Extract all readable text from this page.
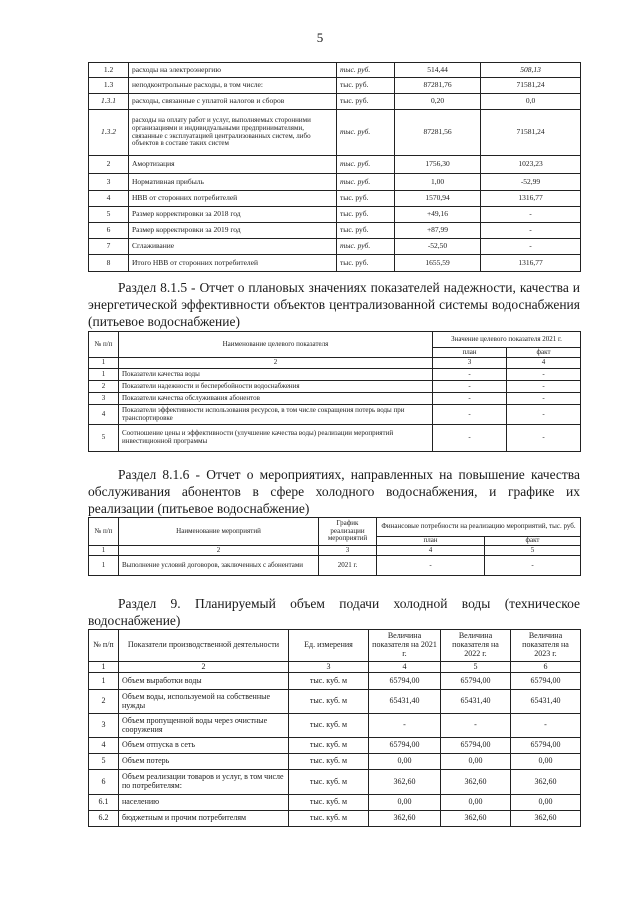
5
1.2	расходы на электроэнергию	тыс. руб.	514,44	508,13
1.3	неподконтрольные расходы, в том числе:	тыс. руб.	87281,76	71581,24
1.3.1	расходы, связанные с уплатой налогов и сборов	тыс. руб.	0,20	0,0
1.3.2	расходы на оплату работ и услуг, выполняемых сторонними организациями и индивидуальными предпринимателями, связанные с эксплуатацией централизованных систем, либо объектов в составе таких систем	тыс. руб.	87281,56	71581,24
2	Амортизация	тыс. руб.	1756,30	1023,23
3	Нормативная прибыль	тыс. руб.	1,00	-52,99
4	НВВ от сторонних потребителей	тыс. руб.	1570,94	1316,77
5	Размер корректировки за 2018 год	тыс. руб.	+49,16	-
6	Размер корректировки за 2019 год	тыс. руб.	+87,99	-
7	Сглаживание	тыс. руб.	-52,50	-
8	Итого НВВ от сторонних потребителей	тыс. руб.	1655,59	1316,77
Раздел 8.1.5 - Отчет о плановых значениях показателей надежности, качества и энергетической эффективности объектов централизованной системы водоснабжения (питьевое водоснабжение)
№ п/п	Наименование целевого показателя	Значение целевого показателя 2021 г.	
		план	факт
1	2	3	4
1	Показатели качества воды	-	-
2	Показатели надежности и бесперебойности водоснабжения	-	-
3	Показатели качества обслуживания абонентов	-	-
4	Показатели эффективности использования ресурсов, в том числе сокращения потерь воды при транспортировке	-	-
5	Соотношение цены и эффективности (улучшение качества воды) реализации мероприятий инвестиционной программы	-	-
Раздел 8.1.6 - Отчет о мероприятиях, направленных на повышение качества обслуживания абонентов в сфере холодного водоснабжения, и графике их реализации (питьевое водоснабжение)
№ п/п	Наименование мероприятий	График реализации мероприятий	Финансовые потребности на реализацию мероприятий, тыс. руб.	
			план	факт
1	2	3	4	5
1	Выполнение условий договоров, заключенных с абонентами	2021 г.	-	-
Раздел 9. Планируемый объем подачи холодной воды (техническое водоснабжение)
№ п/п	Показатели производственной деятельности	Ед. измерения	Величина показателя на 2021 г.	Величина показателя на 2022 г.	Величина показателя на 2023 г.
1	2	3	4	5	6
1	Объем выработки воды	тыс. куб. м	65794,00	65794,00	65794,00
2	Объем воды, используемой на собственные нужды	тыс. куб. м	65431,40	65431,40	65431,40
3	Объем пропущенной воды через очистные сооружения	тыс. куб. м	-	-	-
4	Объем отпуска в сеть	тыс. куб. м	65794,00	65794,00	65794,00
5	Объем потерь	тыс. куб. м	0,00	0,00	0,00
6	Объем реализации товаров и услуг, в том числе по потребителям:	тыс. куб. м	362,60	362,60	362,60
6.1	населению	тыс. куб. м	0,00	0,00	0,00
6.2	бюджетным и прочим потребителям	тыс. куб. м	362,60	362,60	362,60
